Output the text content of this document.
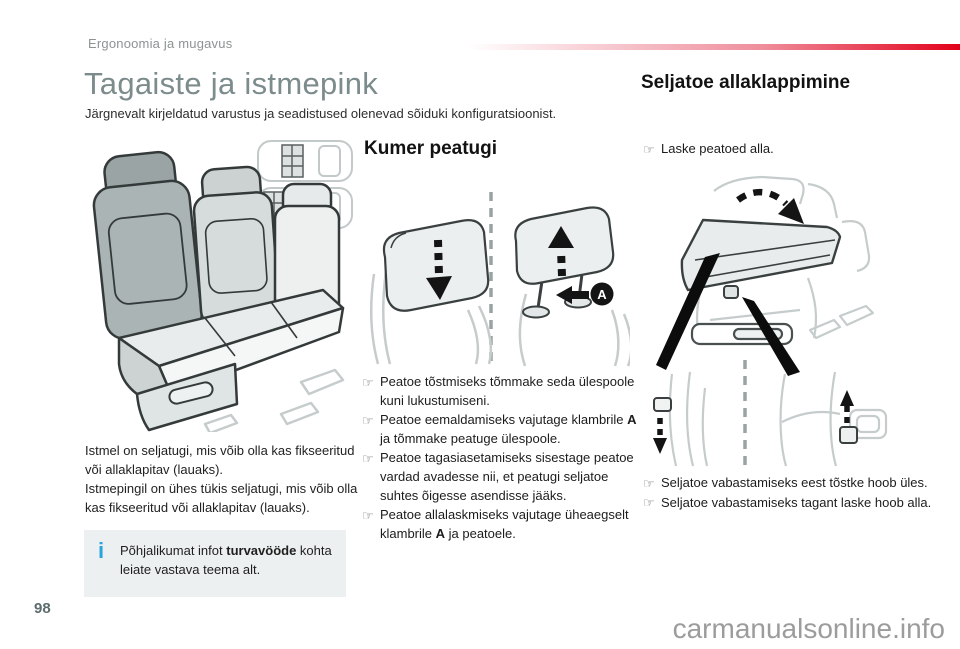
Ergonoomia ja mugavus
Tagaiste ja istmepink

Järgnevalt kirjeldatud varustus ja seadistused olenevad sõiduki konfiguratsioonist.

Istmel on seljatugi, mis võib olla kas fikseeritud või allaklapitav (lauaks).

Istmepingil on ühes tükis seljatugi, mis võib olla kas fikseeritud või allaklapitav (lauaks).

i Põhjalikumat infot turvavööde kohta leiate vastava teema alt.
Kumer peatugi
A
☞ Peatoe tõstmiseks tõmmake seda ülespoole kuni lukustumiseni.
☞ Peatoe eemaldamiseks vajutage klambrile A ja tõmmake peatuge ülespoole.
☞ Peatoe tagasiasetamiseks sisestage peatoe vardad avadesse nii, et peatugi seljatoe suhtes õigesse asendisse jääks.
☞ Peatoe allalaskmiseks vajutage üheaegselt klambrile A ja peatoele.
Seljatoe allaklappimine
☞ Laske peatoed alla.
☞ Seljatoe vabastamiseks eest tõstke hoob üles.
☞ Seljatoe vabastamiseks tagant laske hoob alla.
98
carmanualsonline.info
